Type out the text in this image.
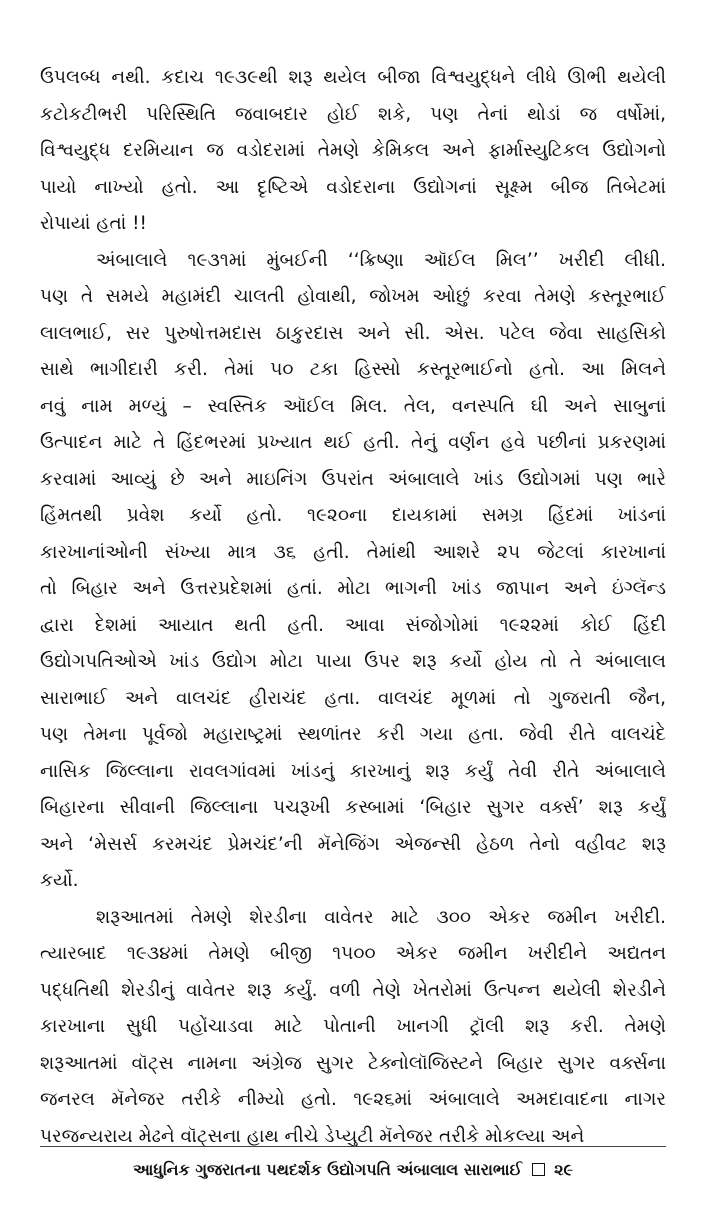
ઉપલબ્ધ નથી. કદાચ ૧૯૩૯થી શરૂ થયેલ બીજા વિશ્વયુદ્ધને લીધે ઊભી થયેલી
કટોકટીભરી પરિસ્થિતિ જવાબદાર હોઈ શકે, પણ તેનાં થોડાં જ વર્ષોમાં,
વિશ્વયુદ્ધ દરમિયાન જ વડોદરામાં તેમણે કેમિકલ અને ફાર્માસ્યુટિકલ ઉદ્યોગનો
પાયો નાખ્યો હતો. આ દૃષ્ટિએ વડોદરાના ઉદ્યોગનાં સૂક્ષ્મ બીજ તિબેટમાં
રોપાયાં હતાં !!

અંબાલાલે ૧૯૩૧માં મુંબઈની ‘‘ક્રિષ્ણા ઑઈલ મિલ’’ ખરીદી લીધી.
પણ તે સમયે મહામંદી ચાલતી હોવાથી, જોખમ ઓછું કરવા તેમણે કસ્તૂરભાઈ
લાલભાઈ, સર પુરુષોત્તમદાસ ઠાકુરદાસ અને સી. એસ. પટેલ જેવા સાહસિકો
સાથે ભાગીદારી કરી. તેમાં ૫૦ ટકા હિસ્સો કસ્તૂરભાઈનો હતો. આ મિલને
નવું નામ મળ્યું – સ્વસ્તિક ઑઈલ મિલ. તેલ, વનસ્પતિ ઘી અને સાબુનાં
ઉત્પાદન માટે તે હિંદભરમાં પ્રખ્યાત થઈ હતી. તેનું વર્ણન હવે પછીનાં પ્રકરણમાં
કરવામાં આવ્યું છે અને માઇનિંગ ઉપરાંત અંબાલાલે ખાંડ ઉદ્યોગમાં પણ ભારે
હિંમતથી પ્રવેશ કર્યો હતો. ૧૯૨૦ના દાયકામાં સમગ્ર હિંદમાં ખાંડનાં
કારખાનાંઓની સંખ્યા માત્ર ૩૬ હતી. તેમાંથી આશરે ૨૫ જેટલાં કારખાનાં
તો બિહાર અને ઉત્તરપ્રદેશમાં હતાં. મોટા ભાગની ખાંડ જાપાન અને ઇંગ્લૅન્ડ
દ્વારા દેશમાં આયાત થતી હતી. આવા સંજોગોમાં ૧૯૨૨માં કોઈ હિંદી
ઉદ્યોગપતિઓએ ખાંડ ઉદ્યોગ મોટા પાયા ઉપર શરૂ કર્યો હોય તો તે અંબાલાલ
સારાભાઈ અને વાલચંદ હીરાચંદ હતા. વાલચંદ મૂળમાં તો ગુજરાતી જૈન,
પણ તેમના પૂર્વજો મહારાષ્ટ્રમાં સ્થળાંતર કરી ગયા હતા. જેવી રીતે વાલચંદે
નાસિક જિલ્લાના રાવલગાંવમાં ખાંડનું કારખાનું શરૂ કર્યું તેવી રીતે અંબાલાલે
બિહારના સીવાની જિલ્લાના પચરૂખી કસ્બામાં ‘બિહાર સુગર વર્ક્સ’ શરૂ કર્યું
અને ‘મેસર્સ કરમચંદ પ્રેમચંદ’ની મૅનેજિંગ એજન્સી હેઠળ તેનો વહીવટ શરૂ
કર્યો.

શરૂઆતમાં તેમણે શેરડીના વાવેતર માટે ૩૦૦ એકર જમીન ખરીદી.
ત્યારબાદ ૧૯૩૪માં તેમણે બીજી ૧૫૦૦ એકર જમીન ખરીદીને અદ્યતન
પદ્ધતિથી શેરડીનું વાવેતર શરૂ કર્યું. વળી તેણે ખેતરોમાં ઉત્પન્ન થયેલી શેરડીને
કારખાના સુધી પહોંચાડવા માટે પોતાની ખાનગી ટ્રૉલી શરૂ કરી. તેમણે
શરૂઆતમાં વૉટ્સ નામના અંગ્રેજ સુગર ટેક્નોલૉજિસ્ટને બિહાર સુગર વર્ક્સના
જનરલ મૅનેજર તરીકે નીમ્યો હતો. ૧૯૨૬માં અંબાલાલે અમદાવાદના નાગર
પરજન્યરાય મેઢને વૉટ્સના હાથ નીચે ડેપ્યુટી મૅનેજર તરીકે મોકલ્યા અને

આધુનિક ગુજરાતના પથદર્શક ઉદ્યોગપતિ અંબાલાલ સારાભાઈ ૨૯
